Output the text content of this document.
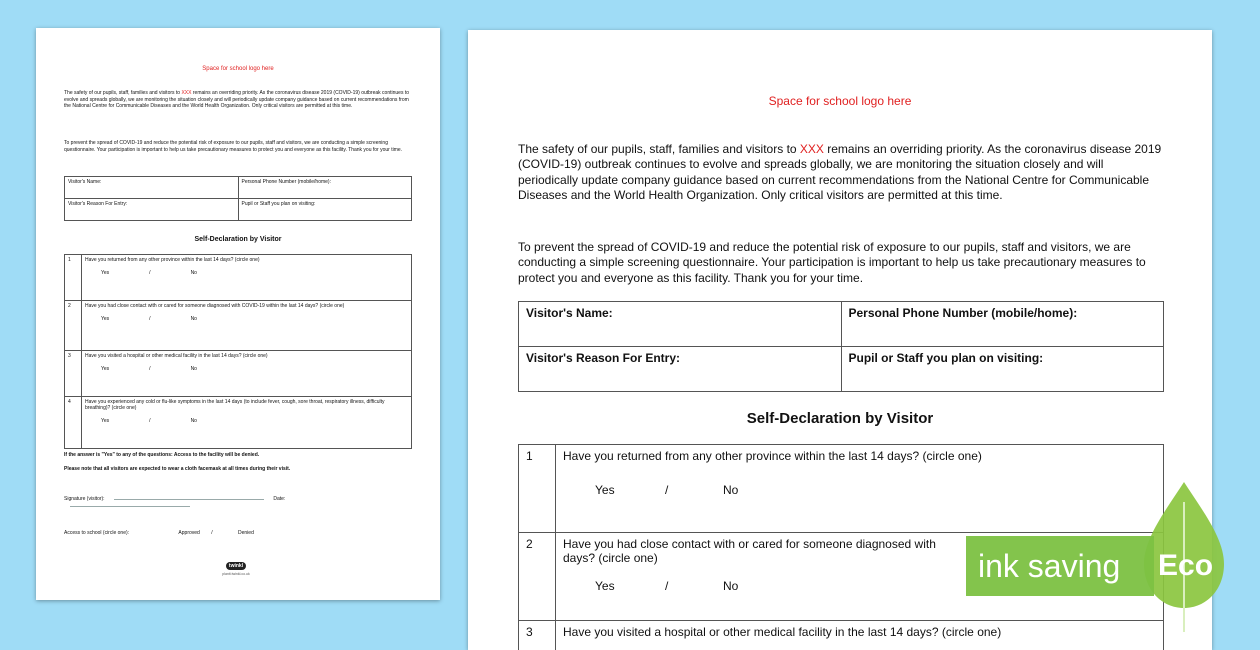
Space for school logo here

The safety of our pupils, staff, families and visitors to XXX remains an overriding priority. As the coronavirus disease 2019 (COVID-19) outbreak continues to evolve and spreads globally, we are monitoring the situation closely and will periodically update company guidance based on current recommendations from the National Centre for Communicable Diseases and the World Health Organization. Only critical visitors are permitted at this time.

To prevent the spread of COVID-19 and reduce the potential risk of exposure to our pupils, staff and visitors, we are conducting a simple screening questionnaire. Your participation is important to help us take precautionary measures to protect you and everyone as this facility. Thank you for your time.

Visitor's Name:	Personal Phone Number (mobile/home):
Visitor's Reason For Entry:	Pupil or Staff you plan on visiting:
Self-Declaration by Visitor
1	Have you returned from any other province within the last 14 days? (circle one)
Yes / No

2	Have you had close contact with or cared for someone diagnosed with COVID-19 within the last 14 days? (circle one)
Yes / No

3	Have you visited a hospital or other medical facility in the last 14 days? (circle one)
Yes / No

4	Have you experienced any cold or flu-like symptoms in the last 14 days (to include fever, cough, sore throat, respiratory illness, difficulty breathing)? (circle one)
Yes / No

If the answer is "Yes" to any of the questions: Access to the facility will be denied.

Please note that all visitors are expected to wear a cloth facemask at all times during their visit.

Signature (visitor):	Date:

Access to school (circle one):	Approved /	Denied

twinkl
planit.twinkl.co.uk
Space for school logo here

The safety of our pupils, staff, families and visitors to XXX remains an overriding priority. As the coronavirus disease 2019 (COVID-19) outbreak continues to evolve and spreads globally, we are monitoring the situation closely and will periodically update company guidance based on current recommendations from the National Centre for Communicable Diseases and the World Health Organization. Only critical visitors are permitted at this time.

To prevent the spread of COVID-19 and reduce the potential risk of exposure to our pupils, staff and visitors, we are conducting a simple screening questionnaire. Your participation is important to help us take precautionary measures to protect you and everyone as this facility. Thank you for your time.

Visitor's Name:	Personal Phone Number (mobile/home):
Visitor's Reason For Entry:	Pupil or Staff you plan on visiting:
Self-Declaration by Visitor
1	Have you returned from any other province within the last 14 days? (circle one)
Yes / No

2	Have you had close contact with or cared for someone diagnosed with
days? (circle one)
Yes / No

3	Have you visited a hospital or other medical facility in the last 14 days? (circle one)
ink saving Eco
